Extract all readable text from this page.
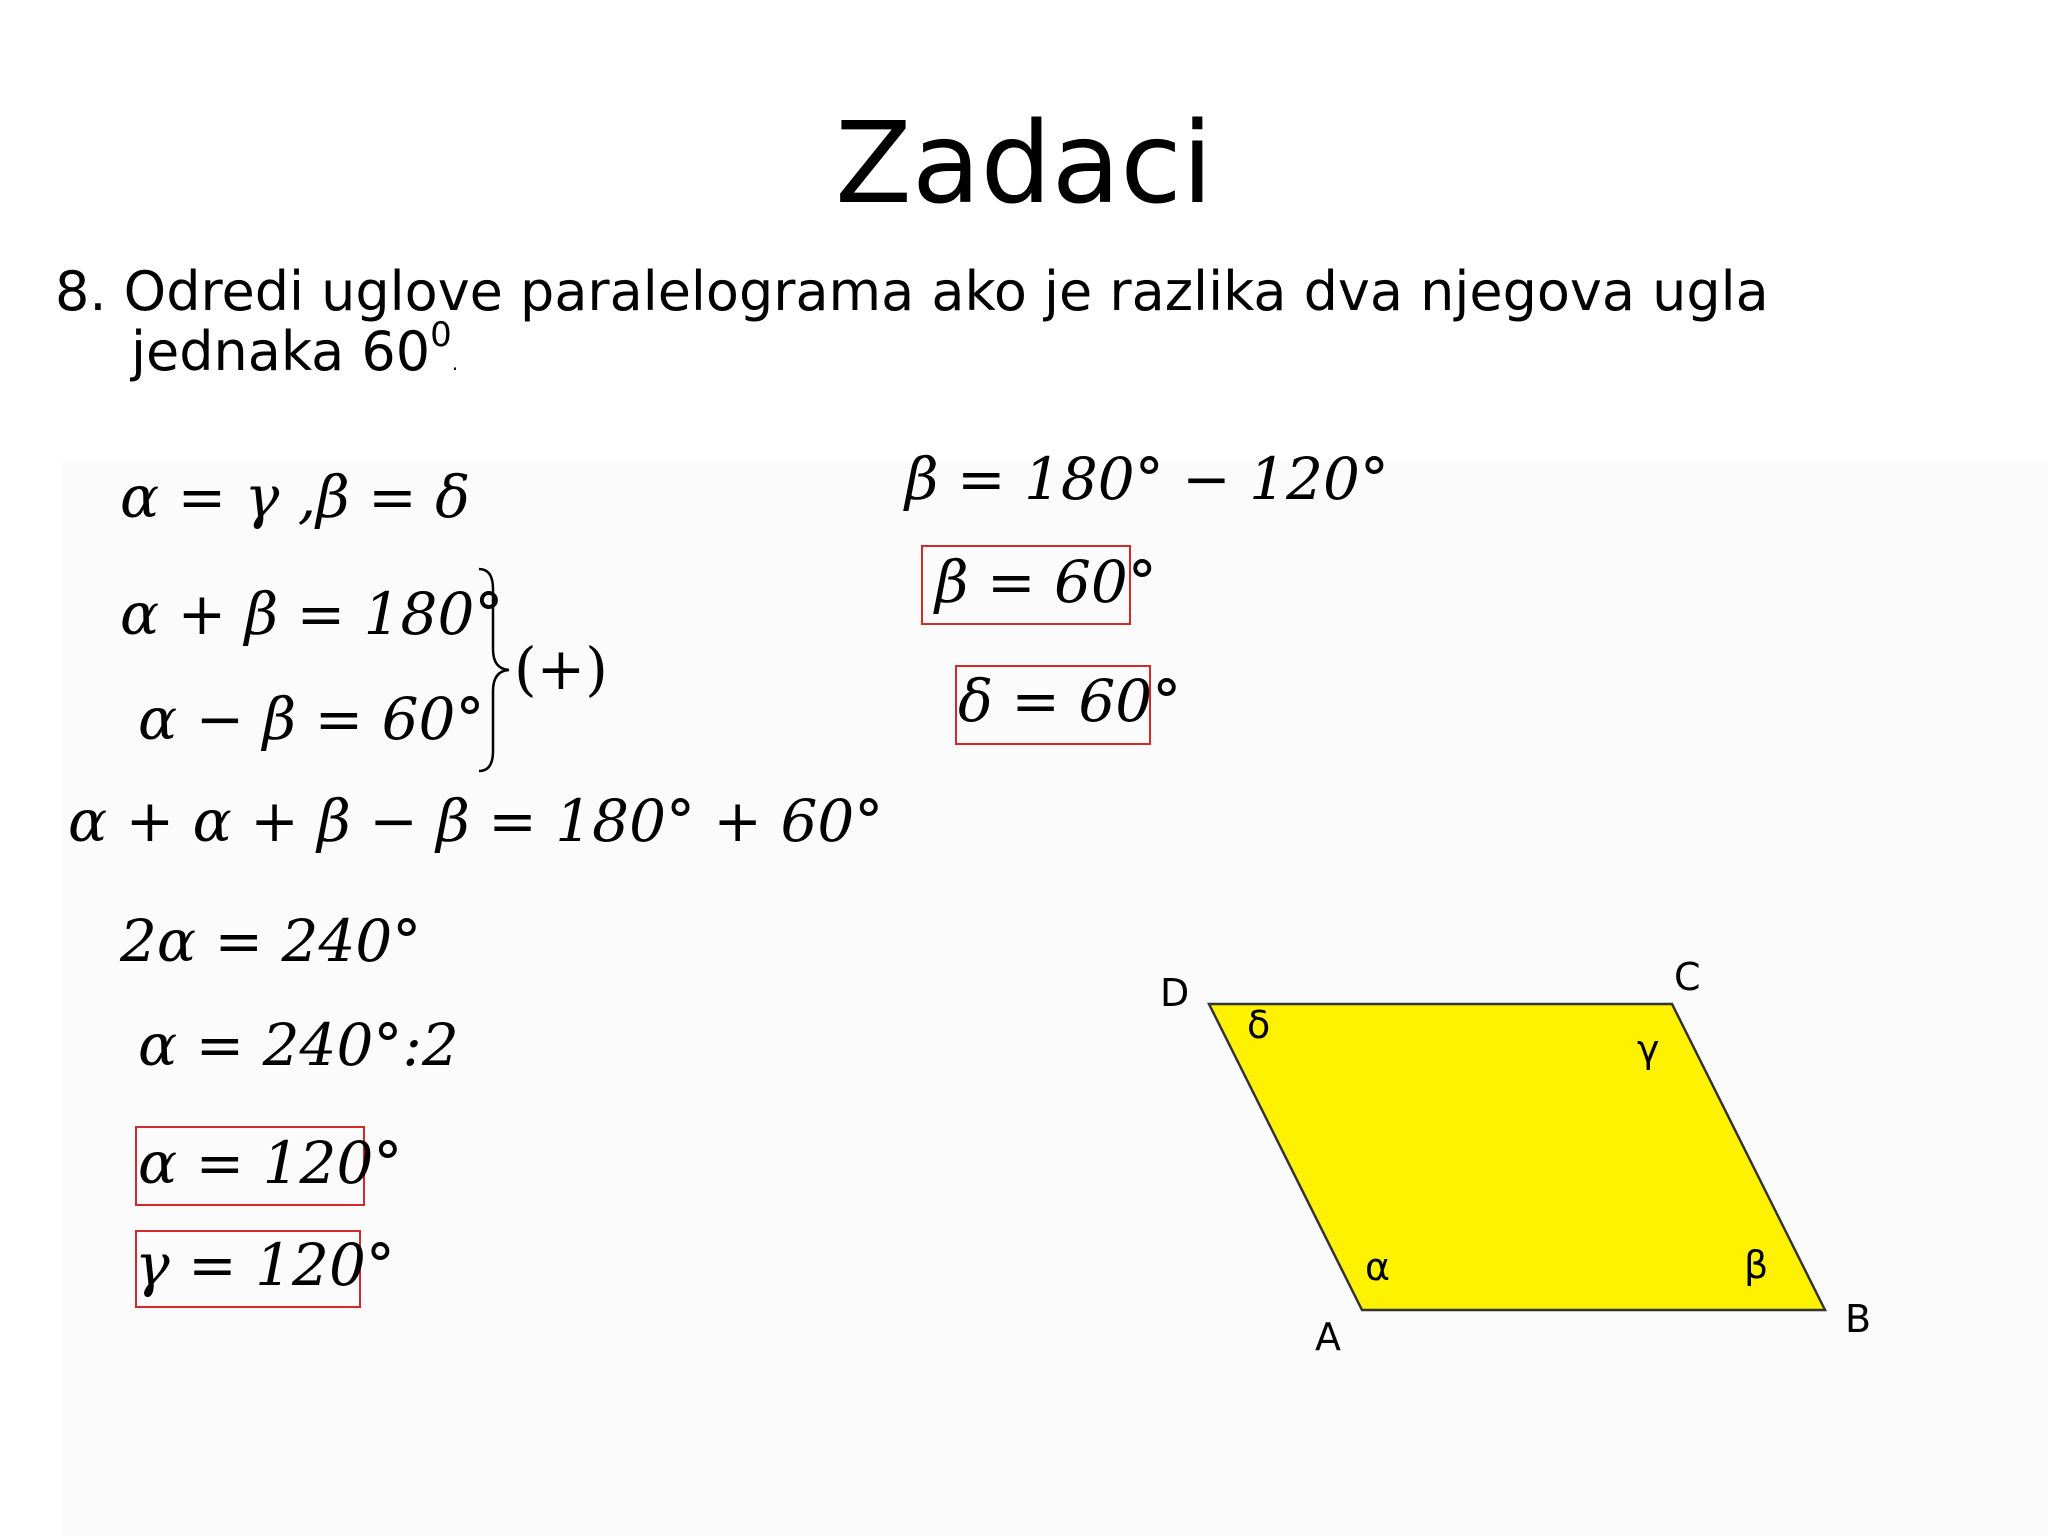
Zadaci
8. Odredi uglove paralelograma ako je razlika dva njegova ugla
jednaka $60^0$.
α = γ ,β = δ
α + β = 180°
α − β = 60°
(+)
α + α + β − β = 180° + 60°
2α = 240°
α = 240°:2
α = 120°
γ = 120°
β = 180° − 120°
β = 60°
δ = 60°
A	B
C
D
α	β
γ
δ
